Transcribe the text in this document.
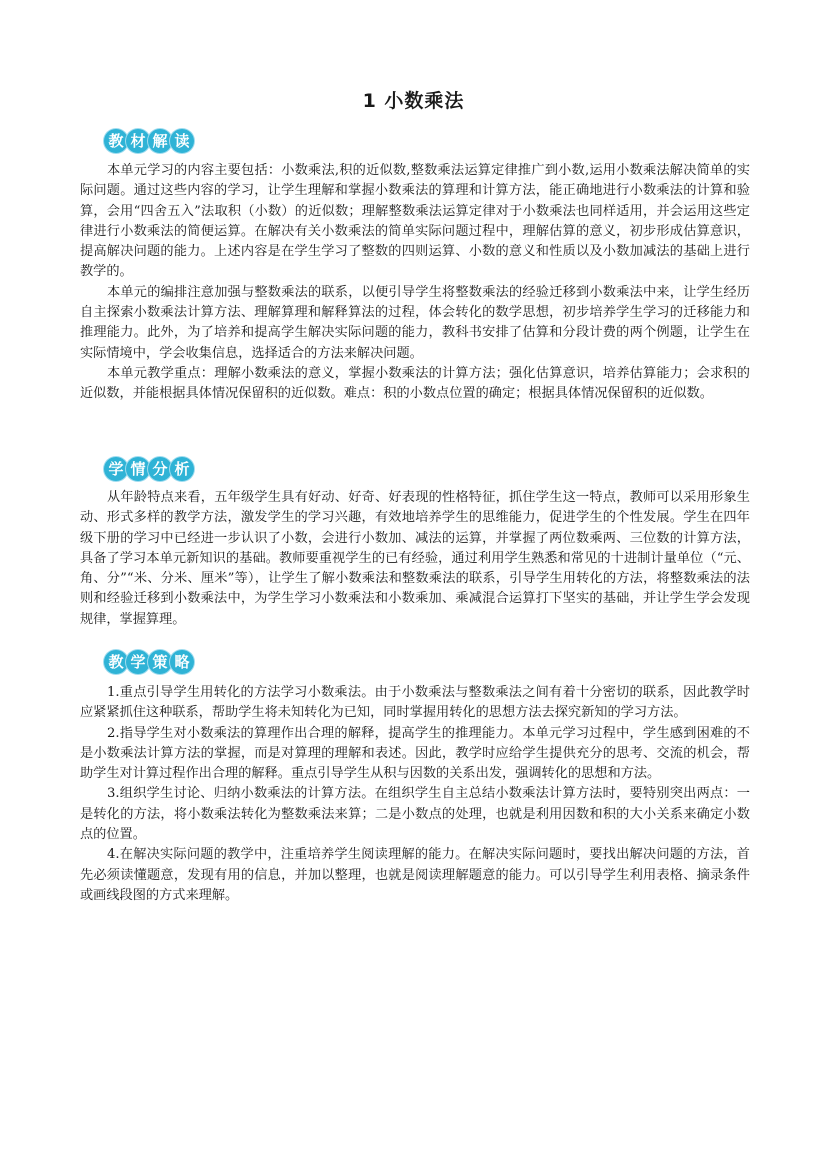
1 小数乘法
教 材 解 读

本单元学习的内容主要包括：小数乘法,积的近似数,整数乘法运算定律推广到小数,运用小数乘法解决简单的实际问题。通过这些内容的学习，让学生理解和掌握小数乘法的算理和计算方法，能正确地进行小数乘法的计算和验算，会用“四舍五入”法取积（小数）的近似数；理解整数乘法运算定律对于小数乘法也同样适用，并会运用这些定律进行小数乘法的简便运算。在解决有关小数乘法的简单实际问题过程中，理解估算的意义，初步形成估算意识，提高解决问题的能力。上述内容是在学生学习了整数的四则运算、小数的意义和性质以及小数加减法的基础上进行教学的。

本单元的编排注意加强与整数乘法的联系，以便引导学生将整数乘法的经验迁移到小数乘法中来，让学生经历自主探索小数乘法计算方法、理解算理和解释算法的过程，体会转化的数学思想，初步培养学生学习的迁移能力和推理能力。此外，为了培养和提高学生解决实际问题的能力，教科书安排了估算和分段计费的两个例题，让学生在实际情境中，学会收集信息，选择适合的方法来解决问题。

本单元教学重点：理解小数乘法的意义，掌握小数乘法的计算方法；强化估算意识，培养估算能力；会求积的近似数，并能根据具体情况保留积的近似数。难点：积的小数点位置的确定；根据具体情况保留积的近似数。

学 情 分 析

从年龄特点来看，五年级学生具有好动、好奇、好表现的性格特征，抓住学生这一特点，教师可以采用形象生动、形式多样的教学方法，激发学生的学习兴趣，有效地培养学生的思维能力，促进学生的个性发展。学生在四年级下册的学习中已经进一步认识了小数，会进行小数加、减法的运算，并掌握了两位数乘两、三位数的计算方法，具备了学习本单元新知识的基础。教师要重视学生的已有经验，通过利用学生熟悉和常见的十进制计量单位（“元、角、分”“米、分米、厘米”等），让学生了解小数乘法和整数乘法的联系，引导学生用转化的方法，将整数乘法的法则和经验迁移到小数乘法中，为学生学习小数乘法和小数乘加、乘减混合运算打下坚实的基础，并让学生学会发现规律，掌握算理。

教 学 策 略

1.重点引导学生用转化的方法学习小数乘法。由于小数乘法与整数乘法之间有着十分密切的联系，因此教学时应紧紧抓住这种联系，帮助学生将未知转化为已知，同时掌握用转化的思想方法去探究新知的学习方法。

2.指导学生对小数乘法的算理作出合理的解释，提高学生的推理能力。本单元学习过程中，学生感到困难的不是小数乘法计算方法的掌握，而是对算理的理解和表述。因此，教学时应给学生提供充分的思考、交流的机会，帮助学生对计算过程作出合理的解释。重点引导学生从积与因数的关系出发，强调转化的思想和方法。

3.组织学生讨论、归纳小数乘法的计算方法。在组织学生自主总结小数乘法计算方法时，要特别突出两点：一是转化的方法，将小数乘法转化为整数乘法来算；二是小数点的处理，也就是利用因数和积的大小关系来确定小数点的位置。

4.在解决实际问题的教学中，注重培养学生阅读理解的能力。在解决实际问题时，要找出解决问题的方法，首先必须读懂题意，发现有用的信息，并加以整理，也就是阅读理解题意的能力。可以引导学生利用表格、摘录条件或画线段图的方式来理解。
